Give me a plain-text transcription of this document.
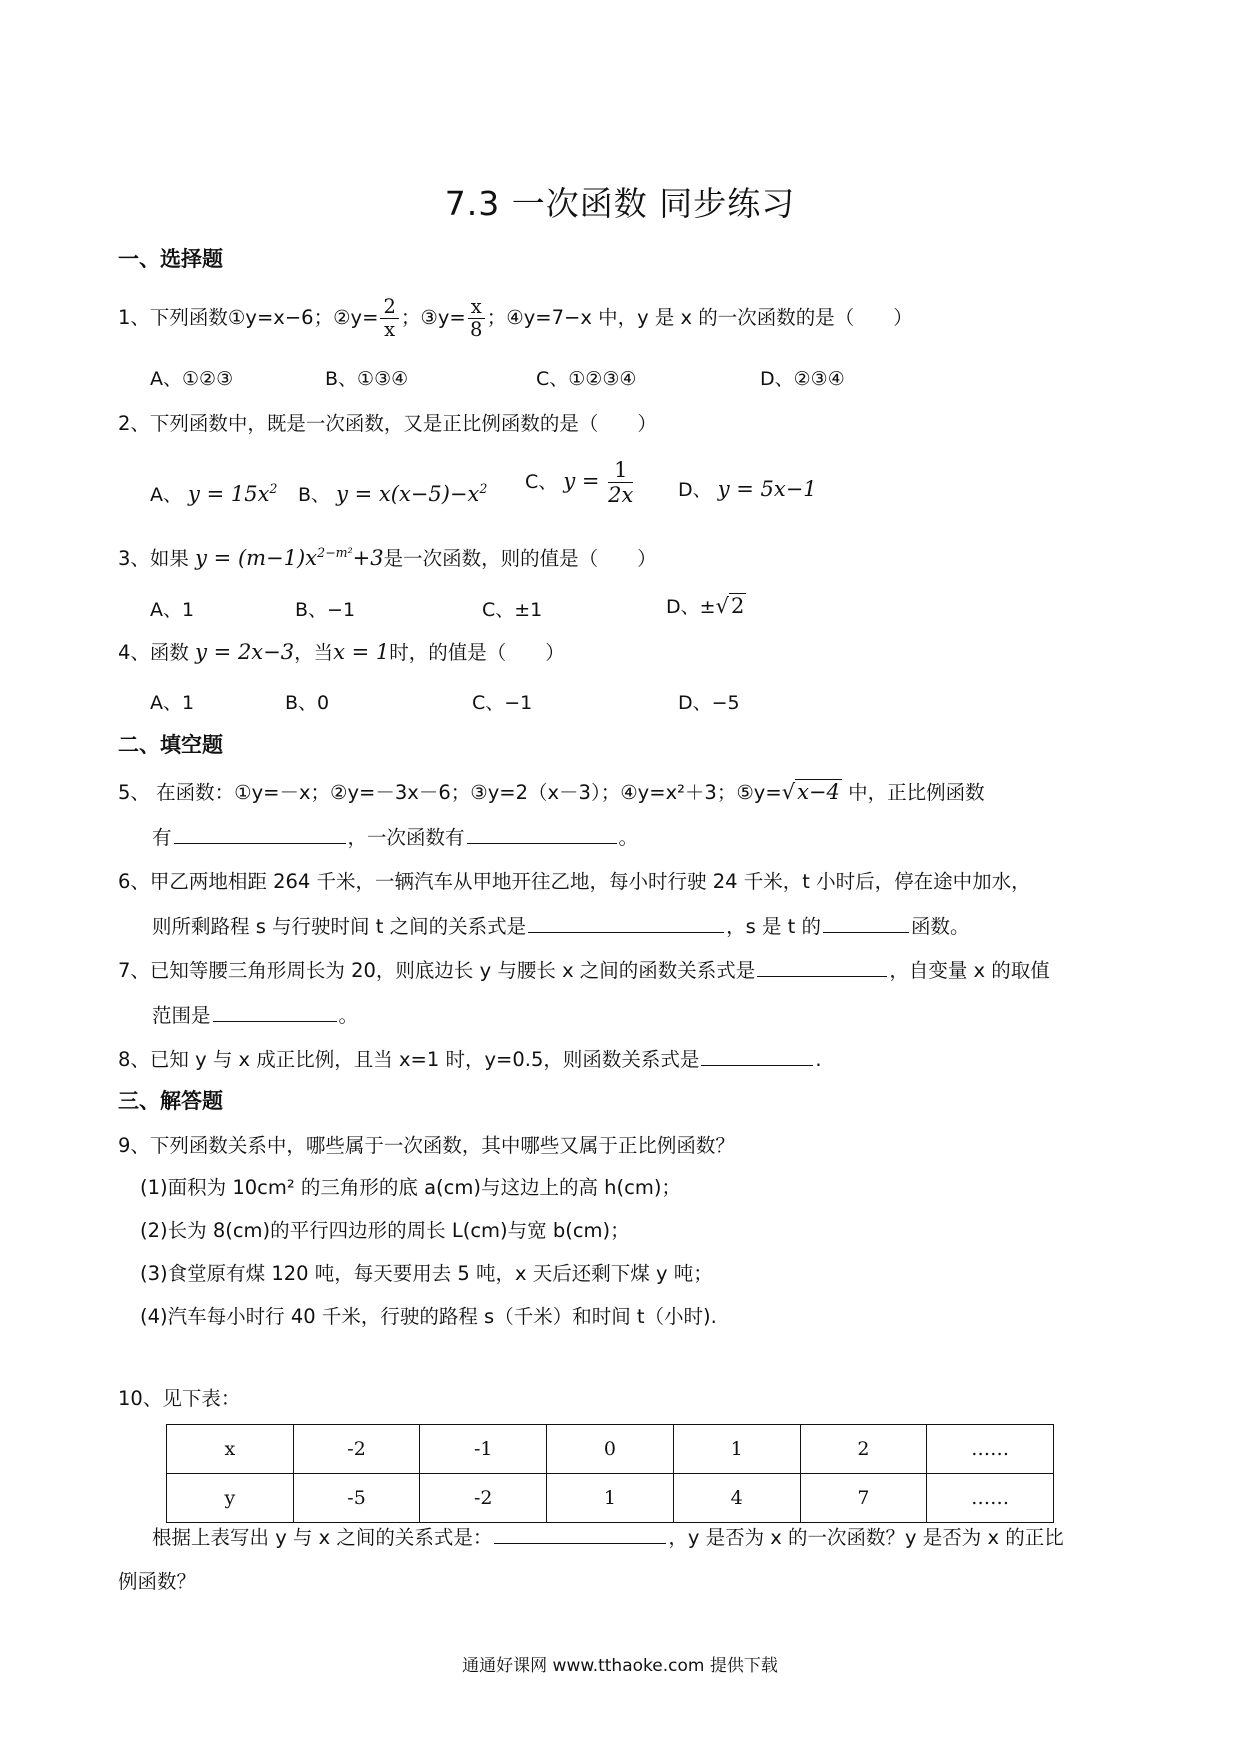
7.3 一次函数 同步练习
一、选择题
1、下列函数①y=x−6；②y= $\frac{2}{x}$ ；③y= $\frac{x}{8}$ ；④y=7−x 中，y 是 x 的一次函数的是（　　）
A、①②③	B、①③④	C、①②③④	D、②③④
2、下列函数中，既是一次函数，又是正比例函数的是（　　）
A、 $y = 15x^2$ B、 $y = x(x-5)-x^2$ C、 $y = \frac{1}{2x}$ D、 y = 5x−1
3、如果 $y = (m-1)x^{2-m^2}+3$是一次函数，则的值是（　　）
A、1	B、−1	C、±1	D、±√2
4、函数 y = 2x−3，当x = 1时，的值是（　　）
A、1	B、0	C、−1	D、−5
二、填空题
5、 在函数：①y=－x；②y=－3x－6；③y=2（x－3）；④y=x²＋3；⑤y=√x−4 中，正比例函数
有	，一次函数有	。
6、甲乙两地相距 264 千米，一辆汽车从甲地开往乙地，每小时行驶 24 千米，t 小时后，停在途中加水，
则所剩路程 s 与行驶时间 t 之间的关系式是	，s 是 t 的	函数。
7、已知等腰三角形周长为 20，则底边长 y 与腰长 x 之间的函数关系式是	，自变量 x 的取值
范围是	。
8、已知 y 与 x 成正比例，且当 x=1 时，y=0.5，则函数关系式是	.
三、解答题
9、下列函数关系中，哪些属于一次函数，其中哪些又属于正比例函数？
(1)面积为 10cm² 的三角形的底 a(cm)与这边上的高 h(cm)；
(2)长为 8(cm)的平行四边形的周长 L(cm)与宽 b(cm)；
(3)食堂原有煤 120 吨，每天要用去 5 吨，x 天后还剩下煤 y 吨；
(4)汽车每小时行 40 千米，行驶的路程 s（千米）和时间 t（小时).
10、见下表：
x	-2	-1	0	1	2	……
y	-5	-2	1	4	7	……
根据上表写出 y 与 x 之间的关系式是：	，y 是否为 x 的一次函数？y 是否为 x 的正比
例函数？
通通好课网 www.tthaoke.com 提供下载
